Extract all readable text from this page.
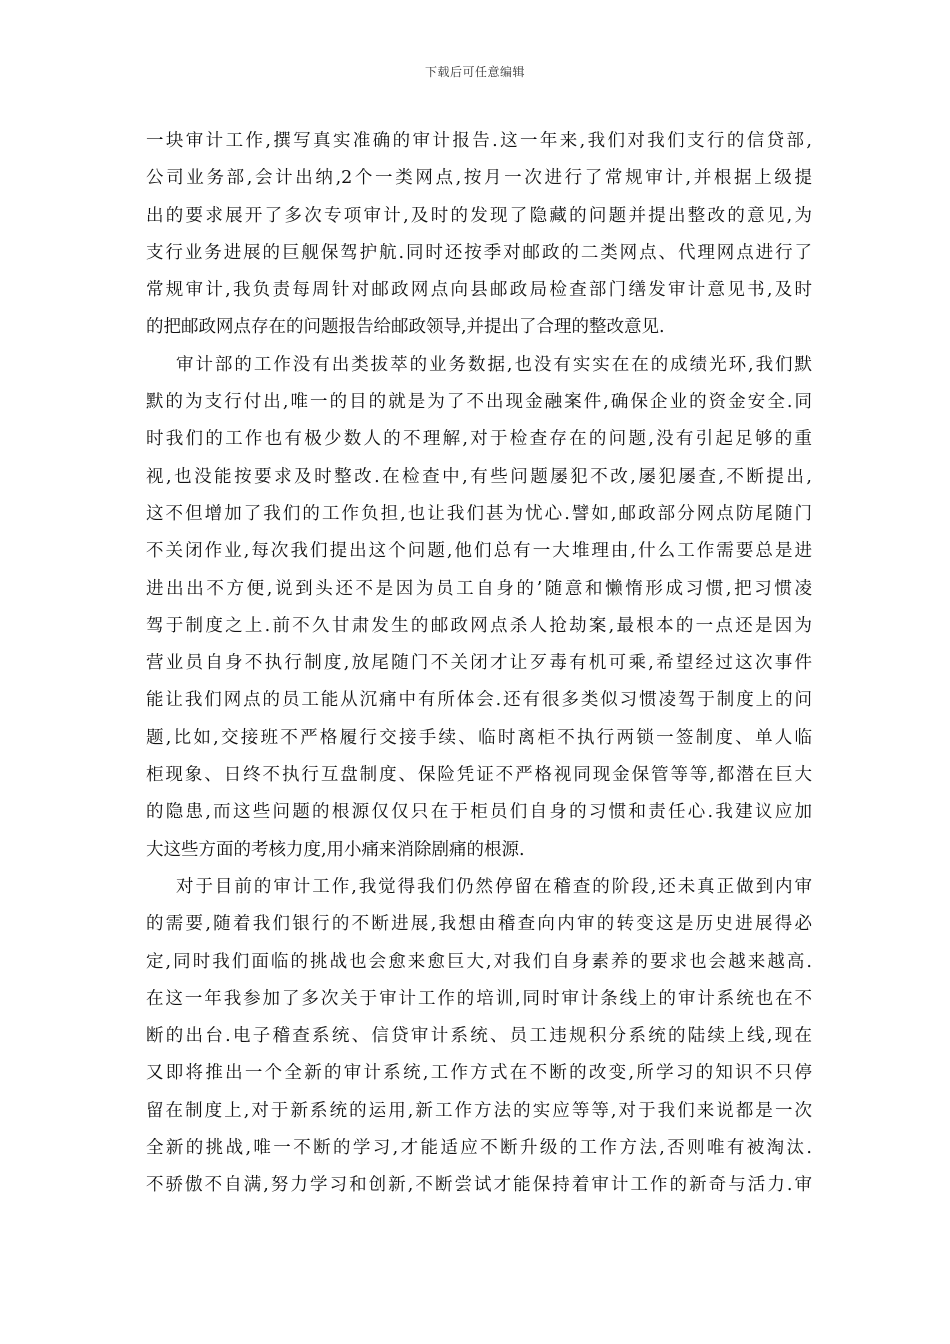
下载后可任意编辑
一块审计工作,撰写真实准确的审计报告.这一年来,我们对我们支行的信贷部,
公司业务部,会计出纳,2个一类网点,按月一次进行了常规审计,并根据上级提
出的要求展开了多次专项审计,及时的发现了隐藏的问题并提出整改的意见,为
支行业务进展的巨舰保驾护航.同时还按季对邮政的二类网点、代理网点进行了
常规审计,我负责每周针对邮政网点向县邮政局检查部门缮发审计意见书,及时
的把邮政网点存在的问题报告给邮政领导,并提出了合理的整改意见.
审计部的工作没有出类拔萃的业务数据,也没有实实在在的成绩光环,我们默
默的为支行付出,唯一的目的就是为了不出现金融案件,确保企业的资金安全.同
时我们的工作也有极少数人的不理解,对于检查存在的问题,没有引起足够的重
视,也没能按要求及时整改.在检查中,有些问题屡犯不改,屡犯屡查,不断提出,
这不但增加了我们的工作负担,也让我们甚为忧心.譬如,邮政部分网点防尾随门
不关闭作业,每次我们提出这个问题,他们总有一大堆理由,什么工作需要总是进
进出出不方便,说到头还不是因为员工自身的’随意和懒惰形成习惯,把习惯凌
驾于制度之上.前不久甘肃发生的邮政网点杀人抢劫案,最根本的一点还是因为
营业员自身不执行制度,放尾随门不关闭才让歹毒有机可乘,希望经过这次事件
能让我们网点的员工能从沉痛中有所体会.还有很多类似习惯凌驾于制度上的问
题,比如,交接班不严格履行交接手续、临时离柜不执行两锁一签制度、单人临
柜现象、日终不执行互盘制度、保险凭证不严格视同现金保管等等,都潜在巨大
的隐患,而这些问题的根源仅仅只在于柜员们自身的习惯和责任心.我建议应加
大这些方面的考核力度,用小痛来消除剧痛的根源.
对于目前的审计工作,我觉得我们仍然停留在稽查的阶段,还未真正做到内审
的需要,随着我们银行的不断进展,我想由稽查向内审的转变这是历史进展得必
定,同时我们面临的挑战也会愈来愈巨大,对我们自身素养的要求也会越来越高.
在这一年我参加了多次关于审计工作的培训,同时审计条线上的审计系统也在不
断的出台.电子稽查系统、信贷审计系统、员工违规积分系统的陆续上线,现在
又即将推出一个全新的审计系统,工作方式在不断的改变,所学习的知识不只停
留在制度上,对于新系统的运用,新工作方法的实应等等,对于我们来说都是一次
全新的挑战,唯一不断的学习,才能适应不断升级的工作方法,否则唯有被淘汰.
不骄傲不自满,努力学习和创新,不断尝试才能保持着审计工作的新奇与活力.审
